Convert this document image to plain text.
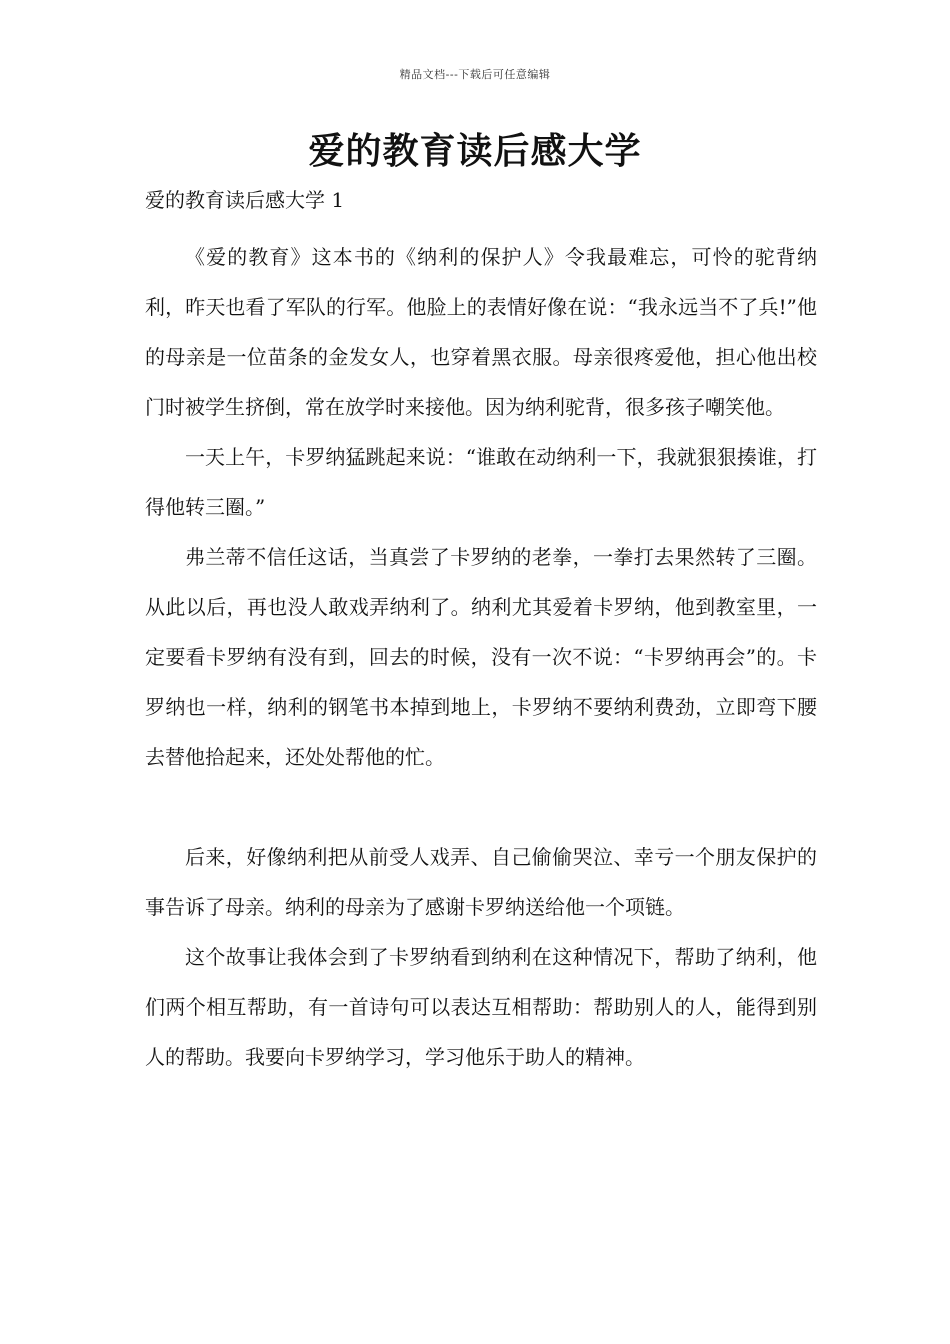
精品文档---下载后可任意编辑
爱的教育读后感大学
爱的教育读后感大学 1

《爱的教育》这本书的《纳利的保护人》令我最难忘，可怜的驼背纳利，昨天也看了军队的行军。他脸上的表情好像在说：“我永远当不了兵!”他的母亲是一位苗条的金发女人，也穿着黑衣服。母亲很疼爱他，担心他出校门时被学生挤倒，常在放学时来接他。因为纳利驼背，很多孩子嘲笑他。

一天上午，卡罗纳猛跳起来说：“谁敢在动纳利一下，我就狠狠揍谁，打得他转三圈。”

弗兰蒂不信任这话，当真尝了卡罗纳的老拳，一拳打去果然转了三圈。从此以后，再也没人敢戏弄纳利了。纳利尤其爱着卡罗纳，他到教室里，一定要看卡罗纳有没有到，回去的时候，没有一次不说：“卡罗纳再会”的。卡罗纳也一样，纳利的钢笔书本掉到地上，卡罗纳不要纳利费劲，立即弯下腰去替他拾起来，还处处帮他的忙。

后来，好像纳利把从前受人戏弄、自己偷偷哭泣、幸亏一个朋友保护的事告诉了母亲。纳利的母亲为了感谢卡罗纳送给他一个项链。

这个故事让我体会到了卡罗纳看到纳利在这种情况下，帮助了纳利，他们两个相互帮助，有一首诗句可以表达互相帮助：帮助别人的人，能得到别人的帮助。我要向卡罗纳学习，学习他乐于助人的精神。
